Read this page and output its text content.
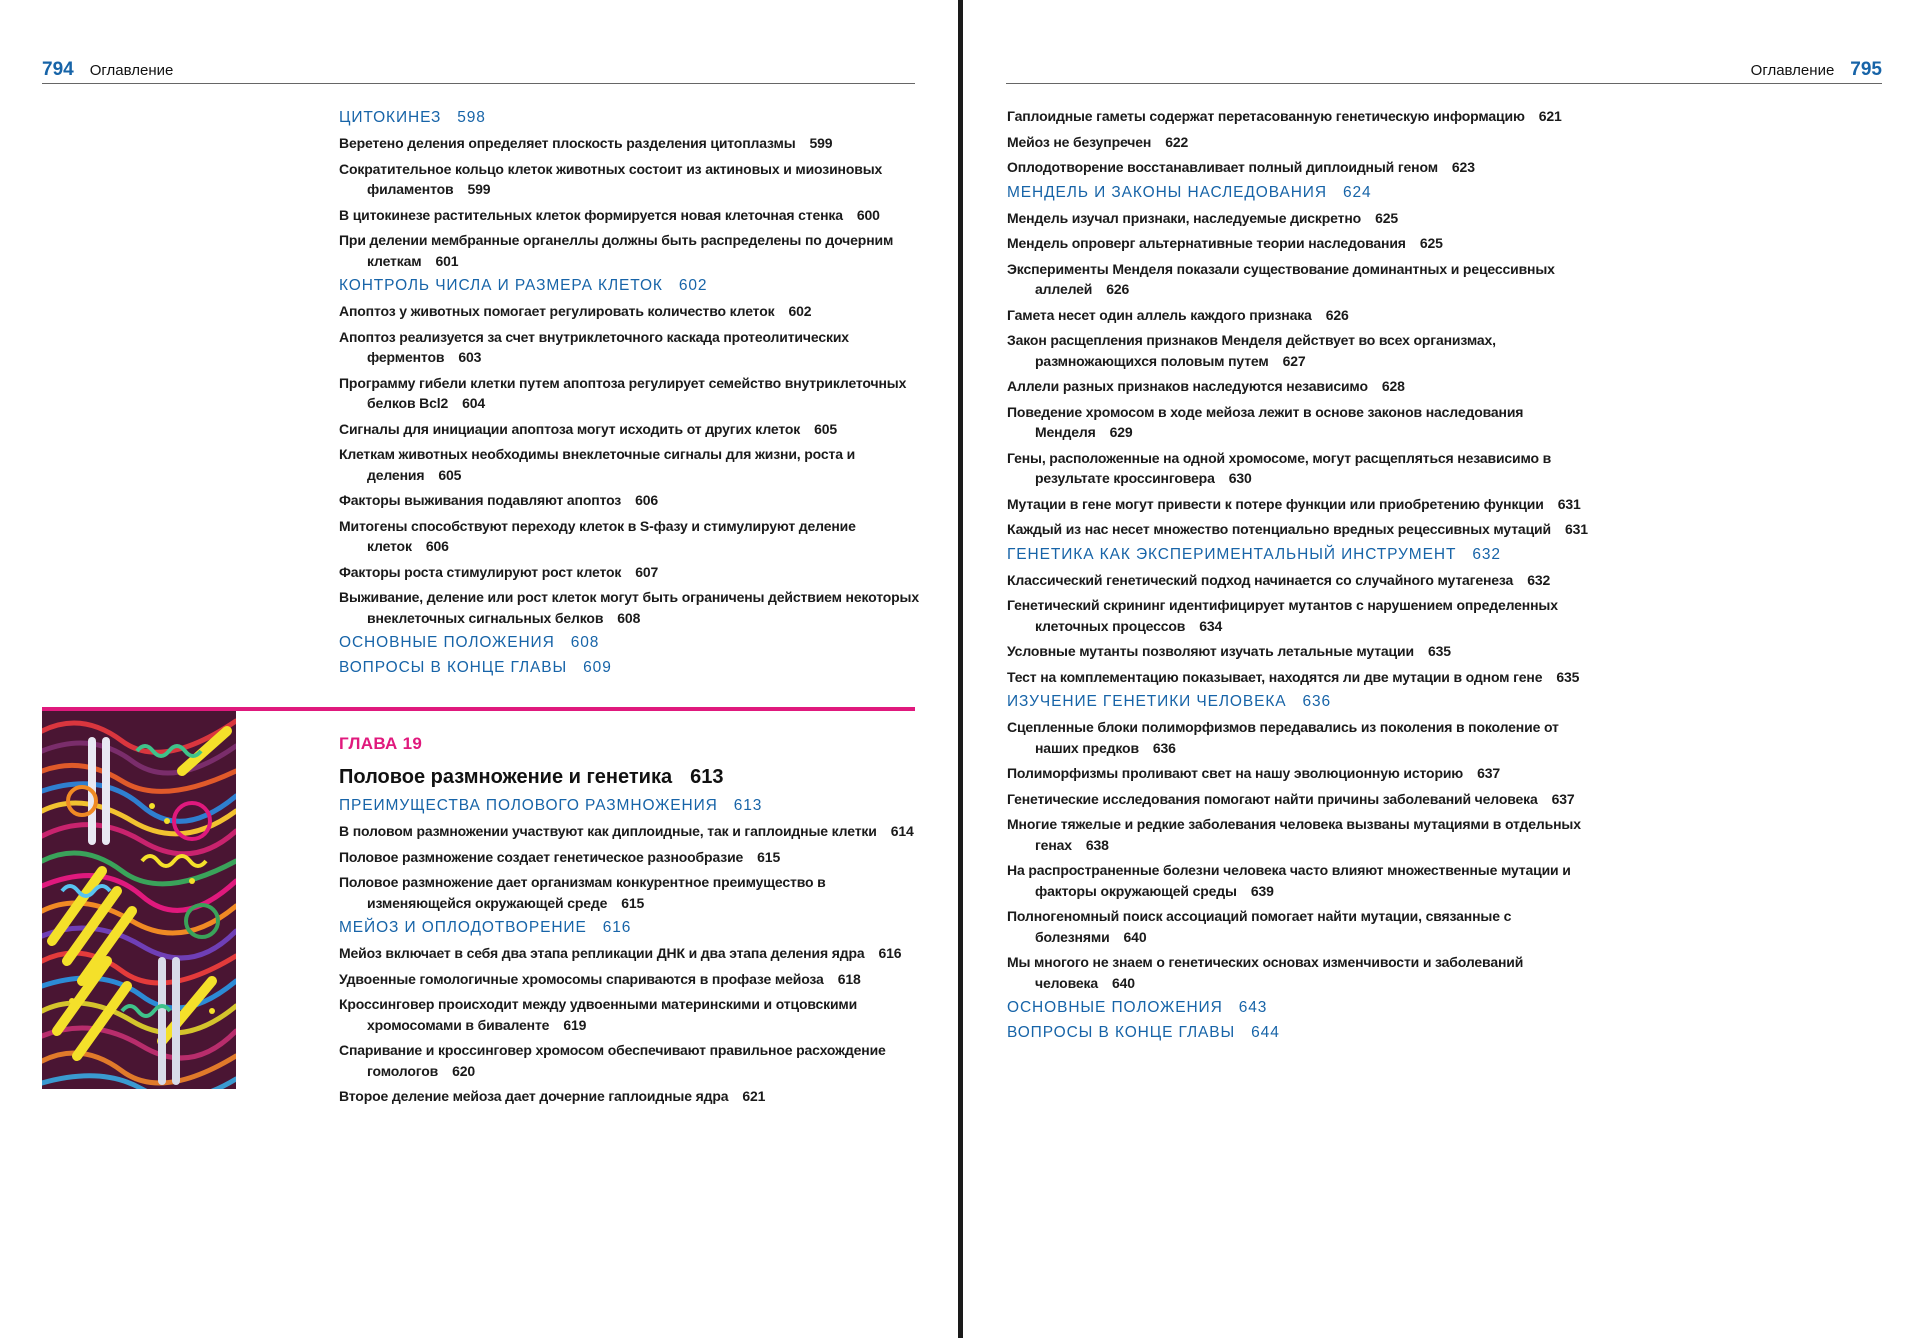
794 Оглавление
ЦИТОКИНЕЗ 598
Веретено деления определяет плоскость разделения цитоплазмы 599
Сократительное кольцо клеток животных состоит из актиновых и миозиновых филаментов 599
В цитокинезе растительных клеток формируется новая клеточная стенка 600
При делении мембранные органеллы должны быть распределены по дочерним клеткам 601
КОНТРОЛЬ ЧИСЛА И РАЗМЕРА КЛЕТОК 602
Апоптоз у животных помогает регулировать количество клеток 602
Апоптоз реализуется за счет внутриклеточного каскада протеолитических ферментов 603
Программу гибели клетки путем апоптоза регулирует семейство внутриклеточных белков Bcl2 604
Сигналы для инициации апоптоза могут исходить от других клеток 605
Клеткам животных необходимы внеклеточные сигналы для жизни, роста и деления 605
Факторы выживания подавляют апоптоз 606
Митогены способствуют переходу клеток в S-фазу и стимулируют деление клеток 606
Факторы роста стимулируют рост клеток 607
Выживание, деление или рост клеток могут быть ограничены действием некоторых внеклеточных сигнальных белков 608
ОСНОВНЫЕ ПОЛОЖЕНИЯ 608
ВОПРОСЫ В КОНЦЕ ГЛАВЫ 609
ГЛАВА 19
Половое размножение и генетика 613
ПРЕИМУЩЕСТВА ПОЛОВОГО РАЗМНОЖЕНИЯ 613
В половом размножении участвуют как диплоидные, так и гаплоидные клетки 614
Половое размножение создает генетическое разнообразие 615
Половое размножение дает организмам конкурентное преимущество в изменяющейся окружающей среде 615
МЕЙОЗ И ОПЛОДОТВОРЕНИЕ 616
Мейоз включает в себя два этапа репликации ДНК и два этапа деления ядра 616
Удвоенные гомологичные хромосомы спариваются в профазе мейоза 618
Кроссинговер происходит между удвоенными материнскими и отцовскими хромосомами в биваленте 619
Спаривание и кроссинговер хромосом обеспечивают правильное расхождение гомологов 620
Второе деление мейоза дает дочерние гаплоидные ядра 621
Оглавление 795
Гаплоидные гаметы содержат перетасованную генетическую информацию 621
Мейоз не безупречен 622
Оплодотворение восстанавливает полный диплоидный геном 623
МЕНДЕЛЬ И ЗАКОНЫ НАСЛЕДОВАНИЯ 624
Мендель изучал признаки, наследуемые дискретно 625
Мендель опроверг альтернативные теории наследования 625
Эксперименты Менделя показали существование доминантных и рецессивных аллелей 626
Гамета несет один аллель каждого признака 626
Закон расщепления признаков Менделя действует во всех организмах, размножающихся половым путем 627
Аллели разных признаков наследуются независимо 628
Поведение хромосом в ходе мейоза лежит в основе законов наследования Менделя 629
Гены, расположенные на одной хромосоме, могут расщепляться независимо в результате кроссинговера 630
Мутации в гене могут привести к потере функции или приобретению функции 631
Каждый из нас несет множество потенциально вредных рецессивных мутаций 631
ГЕНЕТИКА КАК ЭКСПЕРИМЕНТАЛЬНЫЙ ИНСТРУМЕНТ 632
Классический генетический подход начинается со случайного мутагенеза 632
Генетический скрининг идентифицирует мутантов с нарушением определенных клеточных процессов 634
Условные мутанты позволяют изучать летальные мутации 635
Тест на комплементацию показывает, находятся ли две мутации в одном гене 635
ИЗУЧЕНИЕ ГЕНЕТИКИ ЧЕЛОВЕКА 636
Сцепленные блоки полиморфизмов передавались из поколения в поколение от наших предков 636
Полиморфизмы проливают свет на нашу эволюционную историю 637
Генетические исследования помогают найти причины заболеваний человека 637
Многие тяжелые и редкие заболевания человека вызваны мутациями в отдельных генах 638
На распространенные болезни человека часто влияют множественные мутации и факторы окружающей среды 639
Полногеномный поиск ассоциаций помогает найти мутации, связанные с болезнями 640
Мы многого не знаем о генетических основах изменчивости и заболеваний человека 640
ОСНОВНЫЕ ПОЛОЖЕНИЯ 643
ВОПРОСЫ В КОНЦЕ ГЛАВЫ 644
